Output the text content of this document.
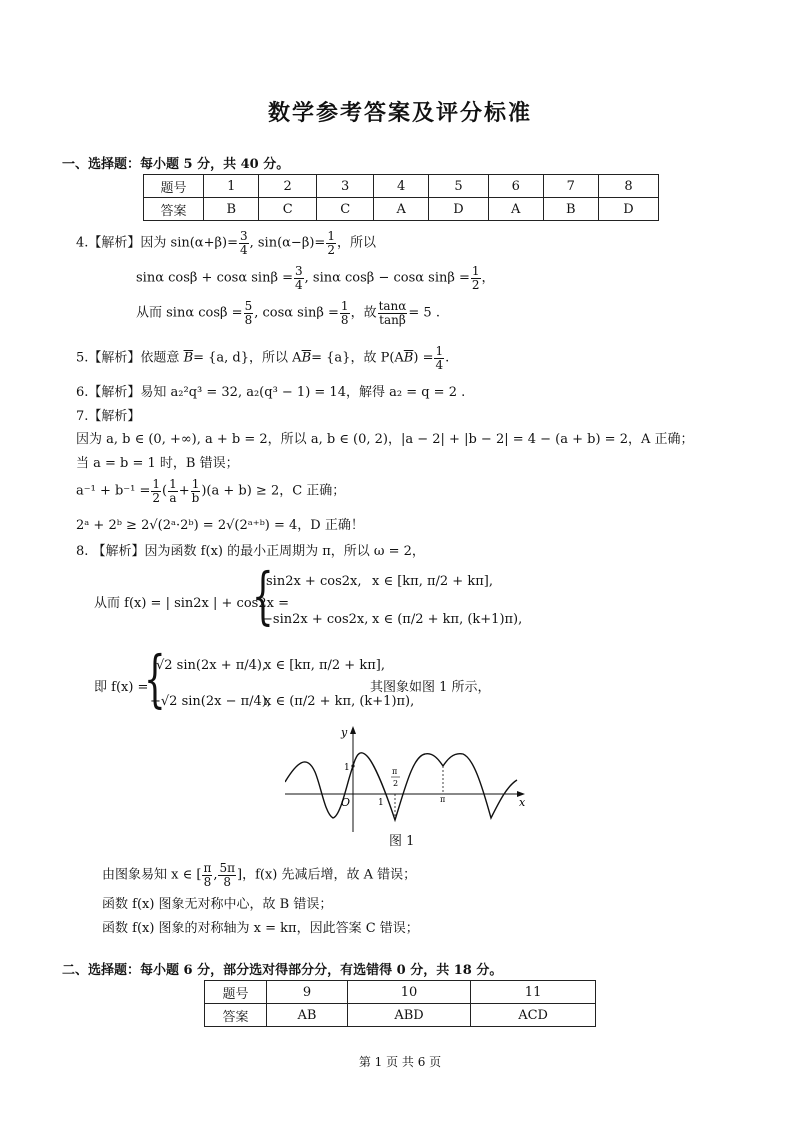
数学参考答案及评分标准
一、选择题：每小题 5 分，共 40 分。
题号	1	2	3	4	5	6	7	8
答案	B	C	C	A	D	A	B	D
4.【解析】因为 $\sin(\alpha+\beta)= \frac{3}{4}$ , $\sin(\alpha-\beta)= \frac{1}{2}$ ，所以
sinα cosβ + cosα $\sin\beta = \frac{3}{4}$ , sinα cosβ − cosα $\sin\beta = \frac{1}{2}$ ，
从而 sinα $\cos\beta = \frac{5}{8}$ , cosα $\sin\beta = \frac{1}{8}$ ，故 $\frac{\tan\alpha}{\tan\beta} = 5$ .
5.【解析】依题意 $\overline{B}= \{a$, d}，所以 $A\overline{B}= \{a\}$，故 $P(A\overline{B}) = \frac{1}{4}$ .
6.【解析】易知 a₂²q³ = 32, a₂(q³ − 1) = 14，解得 a₂ = q = 2 .
7.【解析】
因为 a, b ∈ (0, +∞), a + b = 2，所以 a, b ∈ (0, 2)，|a − 2| + |b − 2| = 4 − (a + b) = 2，A 正确；
当 a = b = 1 时，B 错误；
$a^{-1} + b^{-1} = \frac{1}{2}$ ( $\frac{1}{a} + \frac{1}{b} )(a + b) \ge 2$，C 正确；
2ᵃ + 2ᵇ ≥ 2√(2ᵃ·2ᵇ) = 2√(2ᵃ⁺ᵇ) = 4，D 正确！
8. 【解析】因为函数 f(x) 的最小正周期为 π，所以 ω = 2，
从而 f(x) = | sin2x | + cos2x =
{
sin2x + cos2x, x ∈ [kπ, π/2 + kπ],
−sin2x + cos2x, x ∈ (π/2 + kπ, (k+1)π),
即 f(x) =
{
√2 sin(2x + π/4),
x ∈ [kπ, π/2 + kπ],
−√2 sin(2x − π/4),
x ∈ (π/2 + kπ, (k+1)π),
其图象如图 1 所示，
y
x
O
1
1
π
2
π
图 1
由图象易知 x ∈ [ $\frac{\pi}{8}$ , $\frac{5\pi}{8}$ ]，f(x) 先减后增，故 A 错误；
函数 f(x) 图象无对称中心，故 B 错误；
函数 f(x) 图象的对称轴为 x = kπ，因此答案 C 错误；
二、选择题：每小题 6 分，部分选对得部分分，有选错得 0 分，共 18 分。
题号	9	10	11
答案	AB	ABD	ACD
第 1 页 共 6 页
